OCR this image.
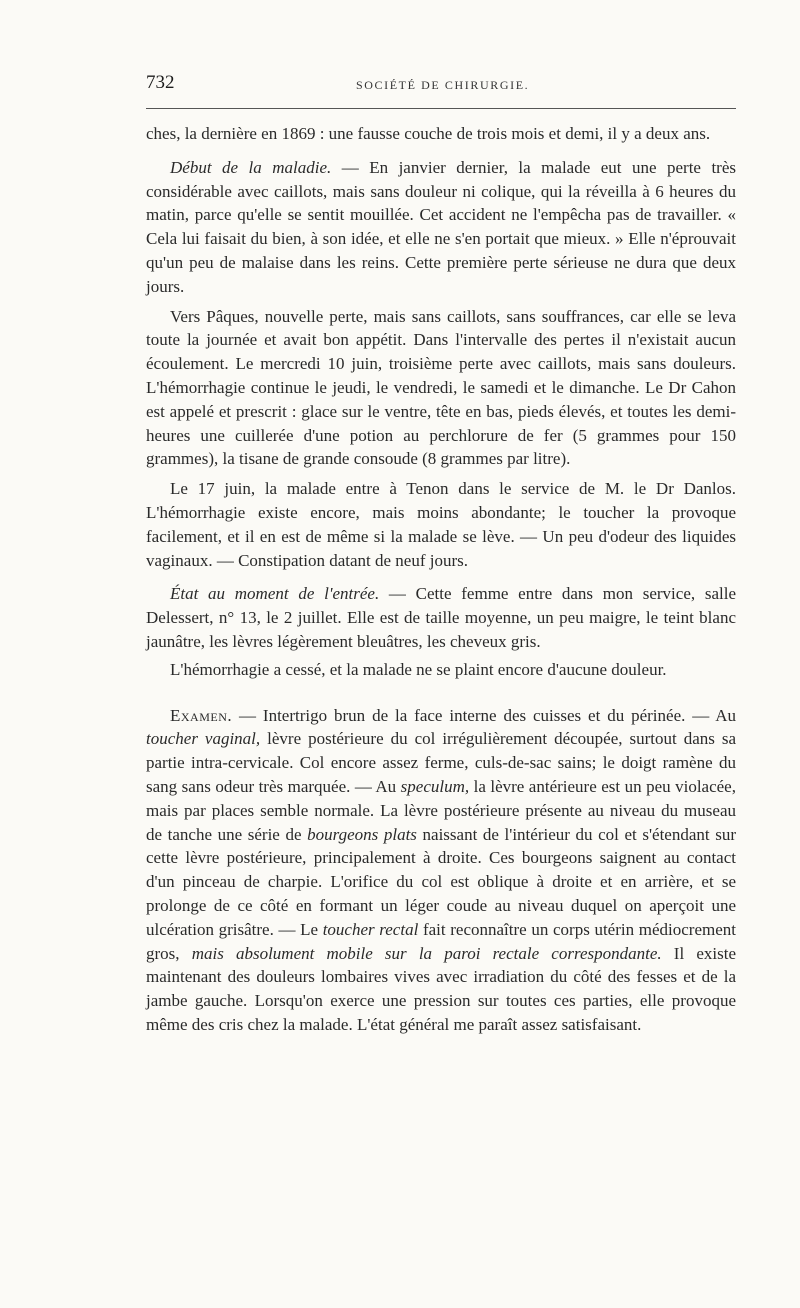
732	SOCIÉTÉ DE CHIRURGIE.

ches, la dernière en 1869 : une fausse couche de trois mois et demi, il y a deux ans.

Début de la maladie. — En janvier dernier, la malade eut une perte très considérable avec caillots, mais sans douleur ni colique, qui la réveilla à 6 heures du matin, parce qu'elle se sentit mouillée. Cet accident ne l'empêcha pas de travailler. « Cela lui faisait du bien, à son idée, et elle ne s'en portait que mieux. » Elle n'éprouvait qu'un peu de malaise dans les reins. Cette première perte sérieuse ne dura que deux jours.

Vers Pâques, nouvelle perte, mais sans caillots, sans souffrances, car elle se leva toute la journée et avait bon appétit. Dans l'intervalle des pertes il n'existait aucun écoulement. Le mercredi 10 juin, troisième perte avec caillots, mais sans douleurs. L'hémorrhagie continue le jeudi, le vendredi, le samedi et le dimanche. Le Dr Cahon est appelé et prescrit : glace sur le ventre, tête en bas, pieds élevés, et toutes les demi-heures une cuillerée d'une potion au perchlorure de fer (5 grammes pour 150 grammes), la tisane de grande consoude (8 grammes par litre).

Le 17 juin, la malade entre à Tenon dans le service de M. le Dr Danlos. L'hémorrhagie existe encore, mais moins abondante; le toucher la provoque facilement, et il en est de même si la malade se lève. — Un peu d'odeur des liquides vaginaux. — Constipation datant de neuf jours.

État au moment de l'entrée. — Cette femme entre dans mon service, salle Delessert, n° 13, le 2 juillet. Elle est de taille moyenne, un peu maigre, le teint blanc jaunâtre, les lèvres légèrement bleuâtres, les cheveux gris.

L'hémorrhagie a cessé, et la malade ne se plaint encore d'aucune douleur.

Examen. — Intertrigo brun de la face interne des cuisses et du périnée. — Au toucher vaginal, lèvre postérieure du col irrégulièrement découpée, surtout dans sa partie intra-cervicale. Col encore assez ferme, culs-de-sac sains; le doigt ramène du sang sans odeur très marquée. — Au speculum, la lèvre antérieure est un peu violacée, mais par places semble normale. La lèvre postérieure présente au niveau du museau de tanche une série de bourgeons plats naissant de l'intérieur du col et s'étendant sur cette lèvre postérieure, principalement à droite. Ces bourgeons saignent au contact d'un pinceau de charpie. L'orifice du col est oblique à droite et en arrière, et se prolonge de ce côté en formant un léger coude au niveau duquel on aperçoit une ulcération grisâtre. — Le toucher rectal fait reconnaître un corps utérin médiocrement gros, mais absolument mobile sur la paroi rectale correspondante. Il existe maintenant des douleurs lombaires vives avec irradiation du côté des fesses et de la jambe gauche. Lorsqu'on exerce une pression sur toutes ces parties, elle provoque même des cris chez la malade. L'état général me paraît assez satisfaisant.
